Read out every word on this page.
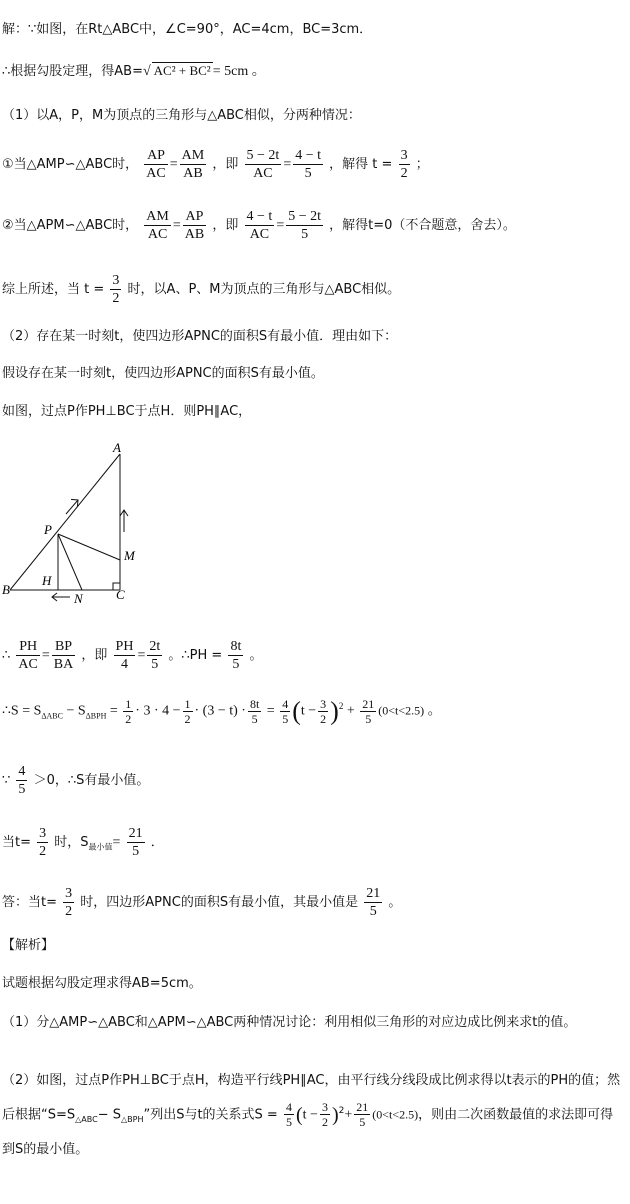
解：∵如图，在Rt△ABC中，∠C=90°，AC=4cm，BC=3cm．
∴根据勾股定理，得AB=√ AC² + BC² = 5cm 。
（1）以A，P，M为顶点的三角形与△ABC相似，分两种情况：
①当△AMP∽△ABC时， $\frac{AP}{AC} = \frac{AM}{AB}$ ，即 $\frac{5 - 2t}{AC} = \frac{4 - t}{5}$ ，解得 $t = \frac{3}{2}$ ；
②当△APM∽△ABC时， $\frac{AM}{AC} = \frac{AP}{AB}$ ，即 $\frac{4 - t}{AC} = \frac{5 - 2t}{5}$ ，解得t=0（不合题意，舍去）。
综上所述，当 $t = \frac{3}{2}$ 时，以A、P、M为顶点的三角形与△ABC相似。
（2）存在某一时刻t，使四边形APNC的面积S有最小值．理由如下：
假设存在某一时刻t，使四边形APNC的面积S有最小值。
如图，过点P作PH⊥BC于点H．则PH∥AC，
A
P
M
B
H
N	C
∴ $\frac{PH}{AC} = \frac{BP}{BA}$ ，即 $\frac{PH}{4} = \frac{2t}{5}$ 。∴PH = $\frac{8t}{5}$ 。
∴S = $S_{\Delta ABC} - S_{\Delta BPH} = \frac{1}{2} \cdot 3 \cdot 4 - \frac{1}{2} \cdot (3 - t) \cdot \frac{8t}{5} = \frac{4}{5} (t - \frac{3}{2} )^2 + \frac{21}{5} (0<t<2.5)$ 。
∵ $\frac{4}{5} >0$，∴S有最小值。
当$t= \frac{3}{2}$ 时，$S_{最小值}= \frac{21}{5}$ ．
答：当$t= \frac{3}{2}$ 时，四边形APNC的面积S有最小值，其最小值是 $\frac{21}{5}$ 。
【解析】
试题根据勾股定理求得AB=5cm。
（1）分△AMP∽△ABC和△APM∽△ABC两种情况讨论：利用相似三角形的对应边成比例来求t的值。
（2）如图，过点P作PH⊥BC于点H，构造平行线PH∥AC，由平行线分线段成比例求得以t表示的PH的值；然后根据“$S=S_{\triangle ABC}- S_{\triangle BPH}$”列出S与t的关系式$S = \frac{4}{5} (t - \frac{3}{2} )^2+ \frac{21}{5} (0<t<2.5)$，则由二次函数最值的求法即可得到S的最小值。
